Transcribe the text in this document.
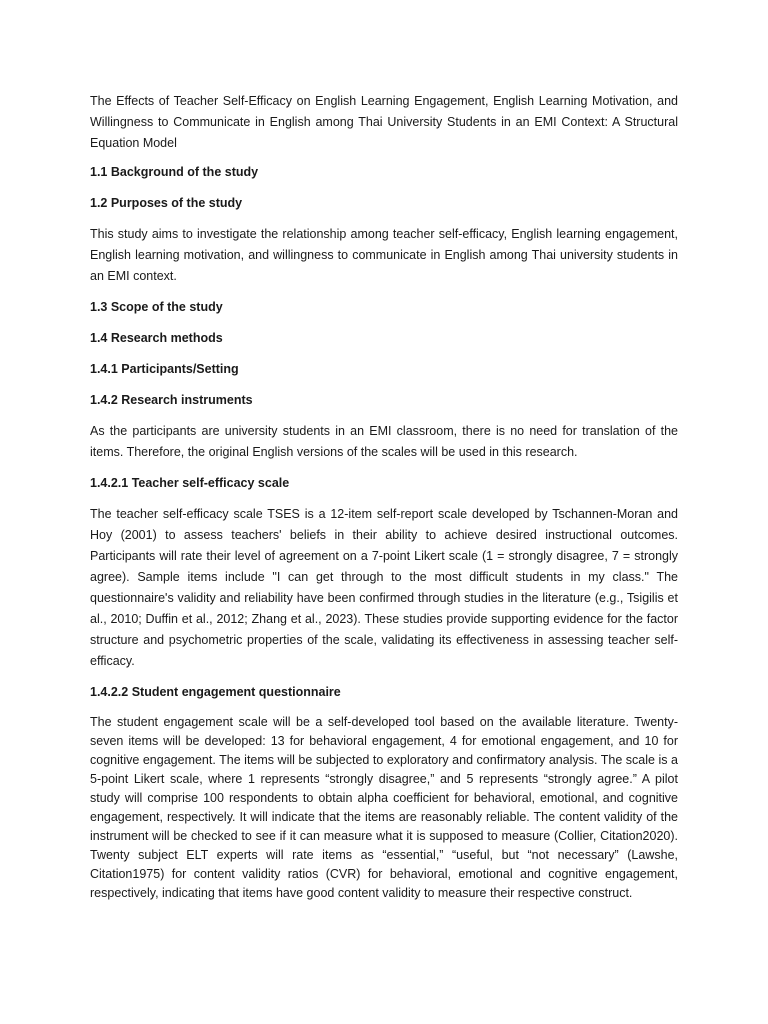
The Effects of Teacher Self-Efficacy on English Learning Engagement, English Learning Motivation, and Willingness to Communicate in English among Thai University Students in an EMI Context: A Structural Equation Model

1.1 Background of the study

1.2 Purposes of the study

This study aims to investigate the relationship among teacher self-efficacy, English learning engagement, English learning motivation, and willingness to communicate in English among Thai university students in an EMI context.

1.3 Scope of the study

1.4 Research methods

1.4.1 Participants/Setting

1.4.2 Research instruments

As the participants are university students in an EMI classroom, there is no need for translation of the items. Therefore, the original English versions of the scales will be used in this research.

1.4.2.1 Teacher self-efficacy scale

The teacher self-efficacy scale TSES is a 12-item self-report scale developed by Tschannen-Moran and Hoy (2001) to assess teachers' beliefs in their ability to achieve desired instructional outcomes. Participants will rate their level of agreement on a 7-point Likert scale (1 = strongly disagree, 7 = strongly agree). Sample items include "I can get through to the most difficult students in my class." The questionnaire's validity and reliability have been confirmed through studies in the literature (e.g., Tsigilis et al., 2010; Duffin et al., 2012; Zhang et al., 2023). These studies provide supporting evidence for the factor structure and psychometric properties of the scale, validating its effectiveness in assessing teacher self-efficacy.

1.4.2.2 Student engagement questionnaire

The student engagement scale will be a self-developed tool based on the available literature. Twenty-seven items will be developed: 13 for behavioral engagement, 4 for emotional engagement, and 10 for cognitive engagement. The items will be subjected to exploratory and confirmatory analysis. The scale is a 5-point Likert scale, where 1 represents “strongly disagree,” and 5 represents “strongly agree.” A pilot study will comprise 100 respondents to obtain alpha coefficient for behavioral, emotional, and cognitive engagement, respectively. It will indicate that the items are reasonably reliable. The content validity of the instrument will be checked to see if it can measure what it is supposed to measure (Collier, Citation2020). Twenty subject ELT experts will rate items as “essential,” “useful, but “not necessary” (Lawshe, Citation1975) for content validity ratios (CVR) for behavioral, emotional and cognitive engagement, respectively, indicating that items have good content validity to measure their respective construct.
